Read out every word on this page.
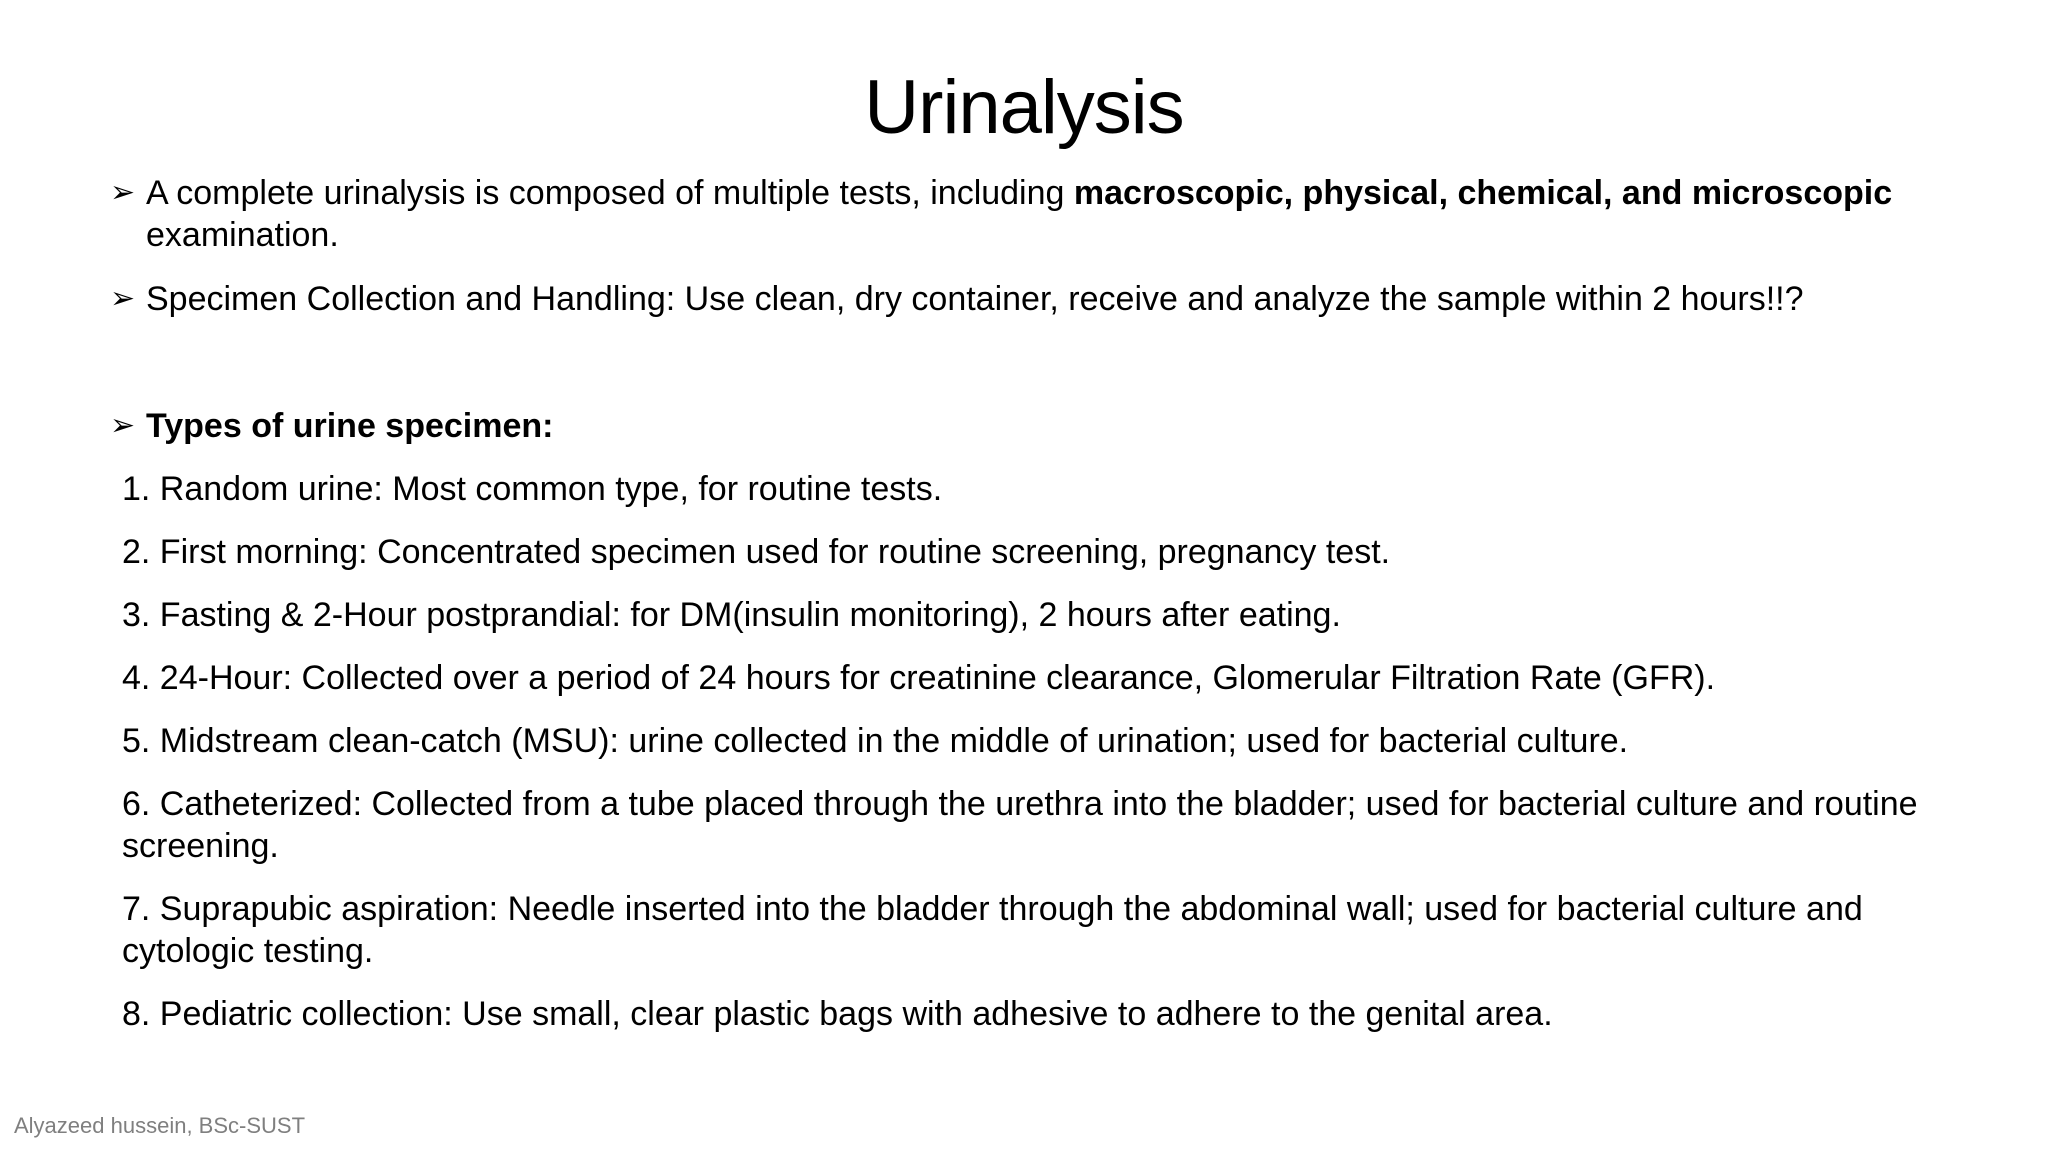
Urinalysis
➢ A complete urinalysis is composed of multiple tests, including macroscopic, physical, chemical, and microscopic examination.
➢ Specimen Collection and Handling: Use clean, dry container, receive and analyze the sample within 2 hours!!?
➢ Types of urine specimen:
1. Random urine: Most common type, for routine tests.
2. First morning: Concentrated specimen used for routine screening, pregnancy test.
3. Fasting & 2-Hour postprandial: for DM(insulin monitoring), 2 hours after eating.
4. 24-Hour: Collected over a period of 24 hours for creatinine clearance, Glomerular Filtration Rate (GFR).
5. Midstream clean-catch (MSU): urine collected in the middle of urination; used for bacterial culture.
6. Catheterized: Collected from a tube placed through the urethra into the bladder; used for bacterial culture and routine screening.
7. Suprapubic aspiration: Needle inserted into the bladder through the abdominal wall; used for bacterial culture and cytologic testing.
8. Pediatric collection: Use small, clear plastic bags with adhesive to adhere to the genital area.
Alyazeed hussein, BSc-SUST
